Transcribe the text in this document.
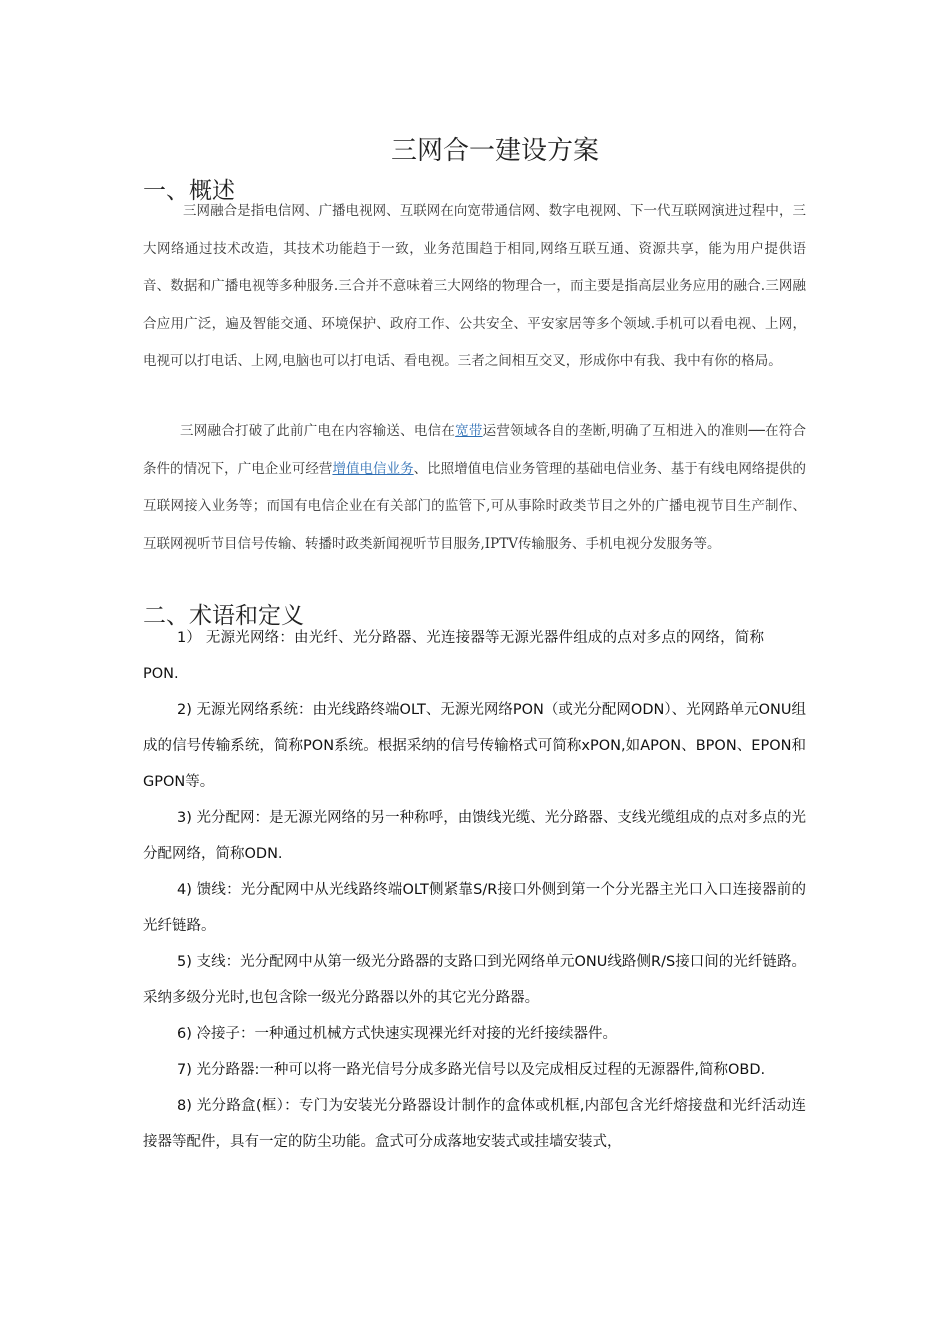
三网合一建设方案
一、概述

三网融合是指电信网、广播电视网、互联网在向宽带通信网、数字电视网、下一代互联网演进过程中，三大网络通过技术改造，其技术功能趋于一致，业务范围趋于相同,网络互联互通、资源共享，能为用户提供语音、数据和广播电视等多种服务.三合并不意味着三大网络的物理合一，而主要是指高层业务应用的融合.三网融合应用广泛，遍及智能交通、环境保护、政府工作、公共安全、平安家居等多个领域.手机可以看电视、上网，电视可以打电话、上网,电脑也可以打电话、看电视。三者之间相互交叉，形成你中有我、我中有你的格局。

三网融合打破了此前广电在内容输送、电信在宽带运营领域各自的垄断,明确了互相进入的准则──在符合条件的情况下，广电企业可经营增值电信业务、比照增值电信业务管理的基础电信业务、基于有线电网络提供的互联网接入业务等；而国有电信企业在有关部门的监管下,可从事除时政类节目之外的广播电视节目生产制作、互联网视听节目信号传输、转播时政类新闻视听节目服务,IPTV传输服务、手机电视分发服务等。

二、术语和定义

1） 无源光网络：由光纤、光分路器、光连接器等无源光器件组成的点对多点的网络，简称PON.

2) 无源光网络系统：由光线路终端OLT、无源光网络PON（或光分配网ODN）、光网路单元ONU组成的信号传输系统，简称PON系统。根据采纳的信号传输格式可简称xPON,如APON、BPON、EPON和GPON等。

3) 光分配网：是无源光网络的另一种称呼，由馈线光缆、光分路器、支线光缆组成的点对多点的光分配网络，简称ODN.

4) 馈线：光分配网中从光线路终端OLT侧紧靠S/R接口外侧到第一个分光器主光口入口连接器前的光纤链路。

5) 支线：光分配网中从第一级光分路器的支路口到光网络单元ONU线路侧R/S接口间的光纤链路。采纳多级分光时,也包含除一级光分路器以外的其它光分路器。

6) 冷接子：一种通过机械方式快速实现裸光纤对接的光纤接续器件。

7) 光分路器:一种可以将一路光信号分成多路光信号以及完成相反过程的无源器件,简称OBD.

8) 光分路盒(框）：专门为安装光分路器设计制作的盒体或机框,内部包含光纤熔接盘和光纤活动连接器等配件，具有一定的防尘功能。盒式可分成落地安装式或挂墙安装式，
